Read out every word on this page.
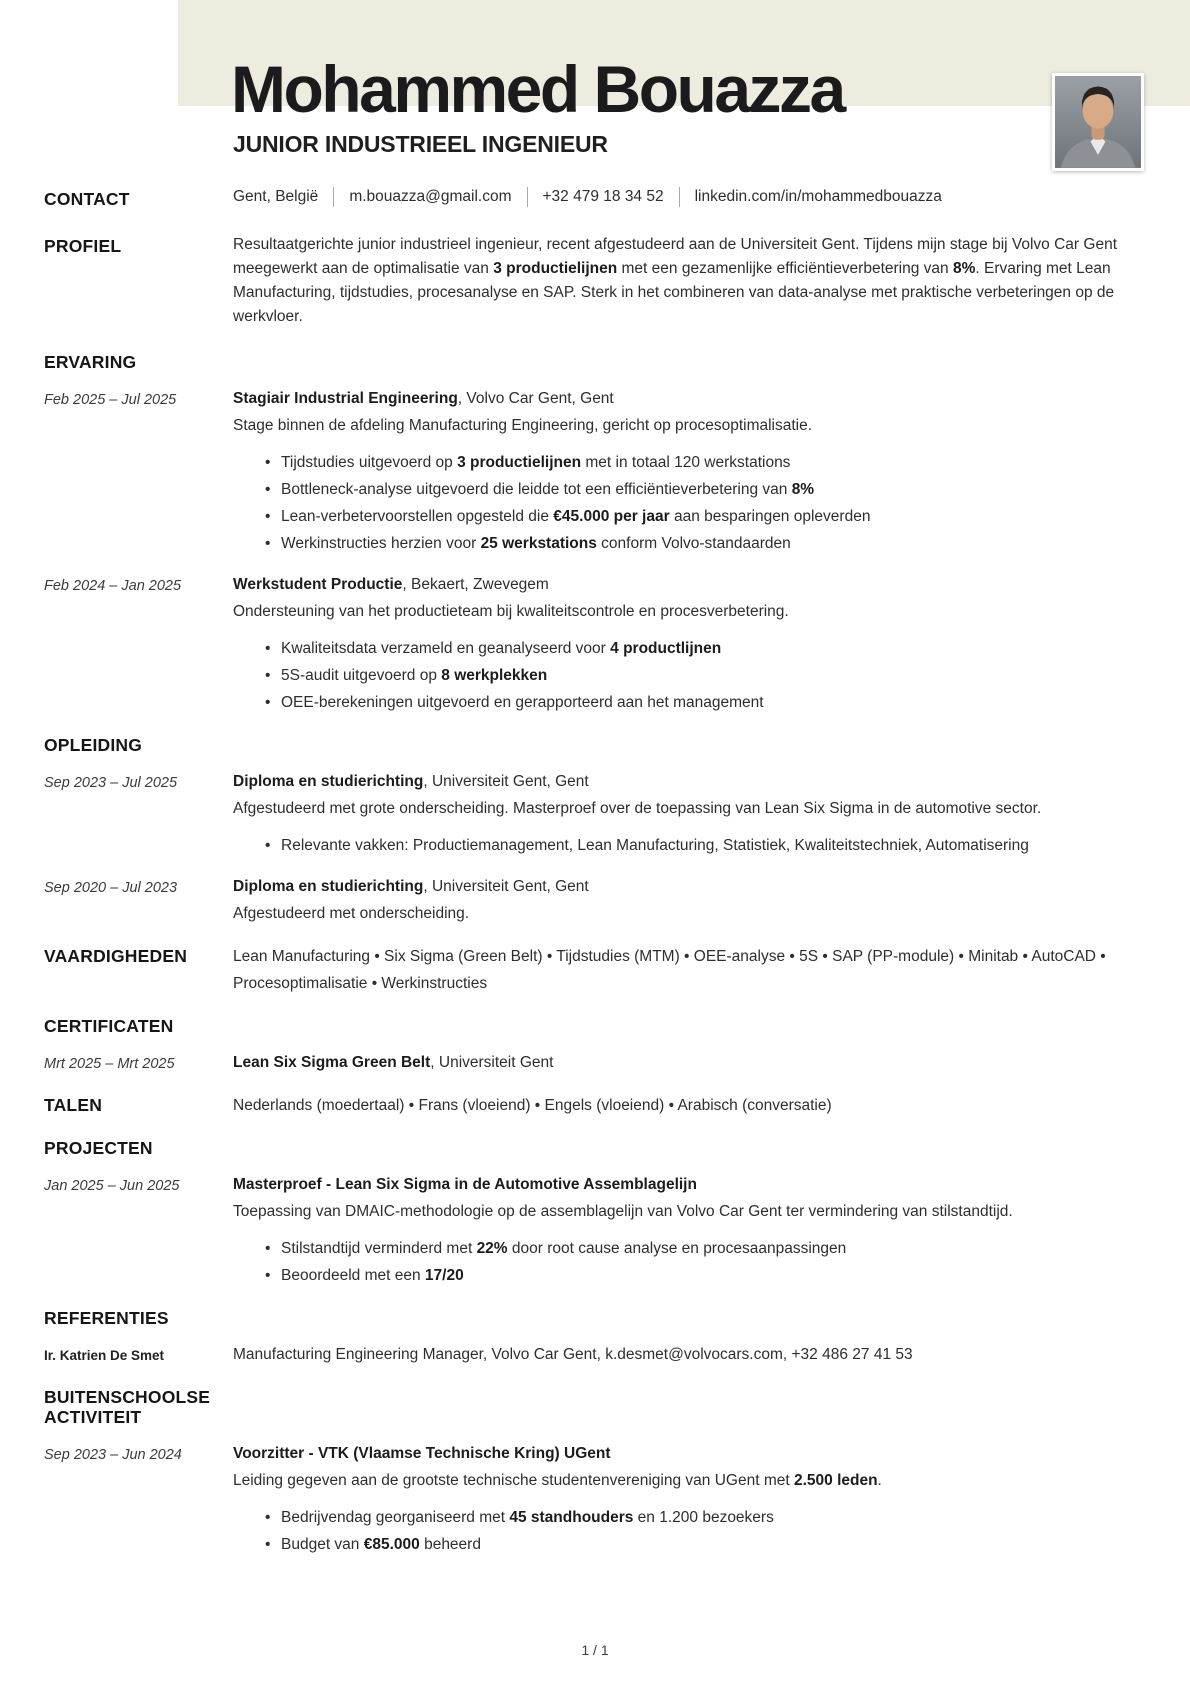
Mohammed Bouazza
JUNIOR INDUSTRIEEL INGENIEUR
CONTACT	Gent, België m.bouazza@gmail.com +32 479 18 34 52 linkedin.com/in/mohammedbouazza
PROFIEL	Resultaatgerichte junior industrieel ingenieur, recent afgestudeerd aan de Universiteit Gent. Tijdens mijn stage bij Volvo Car Gent meegewerkt aan de optimalisatie van 3 productielijnen met een gezamenlijke efficiëntieverbetering van 8%. Ervaring met Lean Manufacturing, tijdstudies, procesanalyse en SAP. Sterk in het combineren van data-analyse met praktische verbeteringen op de werkvloer.
ERVARING
Feb 2025 – Jul 2025	Stagiair Industrial Engineering, Volvo Car Gent, Gent
Stage binnen de afdeling Manufacturing Engineering, gericht op procesoptimalisatie.
• Tijdstudies uitgevoerd op 3 productielijnen met in totaal 120 werkstations
• Bottleneck-analyse uitgevoerd die leidde tot een efficiëntieverbetering van 8%
• Lean-verbetervoorstellen opgesteld die €45.000 per jaar aan besparingen opleverden
• Werkinstructies herzien voor 25 werkstations conform Volvo-standaarden
Feb 2024 – Jan 2025	Werkstudent Productie, Bekaert, Zwevegem
Ondersteuning van het productieteam bij kwaliteitscontrole en procesverbetering.
• Kwaliteitsdata verzameld en geanalyseerd voor 4 productlijnen
• 5S-audit uitgevoerd op 8 werkplekken
• OEE-berekeningen uitgevoerd en gerapporteerd aan het management
OPLEIDING
Sep 2023 – Jul 2025	Diploma en studierichting, Universiteit Gent, Gent
Afgestudeerd met grote onderscheiding. Masterproef over de toepassing van Lean Six Sigma in de automotive sector.
• Relevante vakken: Productiemanagement, Lean Manufacturing, Statistiek, Kwaliteitstechniek, Automatisering
Sep 2020 – Jul 2023	Diploma en studierichting, Universiteit Gent, Gent
Afgestudeerd met onderscheiding.
VAARDIGHEDEN	Lean Manufacturing • Six Sigma (Green Belt) • Tijdstudies (MTM) • OEE-analyse • 5S • SAP (PP-module) • Minitab • AutoCAD • Procesoptimalisatie • Werkinstructies
CERTIFICATEN
Mrt 2025 – Mrt 2025	Lean Six Sigma Green Belt, Universiteit Gent
TALEN	Nederlands (moedertaal) • Frans (vloeiend) • Engels (vloeiend) • Arabisch (conversatie)
PROJECTEN
Jan 2025 – Jun 2025	Masterproef - Lean Six Sigma in de Automotive Assemblagelijn
Toepassing van DMAIC-methodologie op de assemblagelijn van Volvo Car Gent ter vermindering van stilstandtijd.
• Stilstandtijd verminderd met 22% door root cause analyse en procesaanpassingen
• Beoordeeld met een 17/20
REFERENTIES
Ir. Katrien De Smet	Manufacturing Engineering Manager, Volvo Car Gent, k.desmet@volvocars.com, +32 486 27 41 53
BUITENSCHOOLSE ACTIVITEIT
Sep 2023 – Jun 2024	Voorzitter - VTK (Vlaamse Technische Kring) UGent
Leiding gegeven aan de grootste technische studentenvereniging van UGent met 2.500 leden.
• Bedrijvendag georganiseerd met 45 standhouders en 1.200 bezoekers
• Budget van €85.000 beheerd
1 / 1
